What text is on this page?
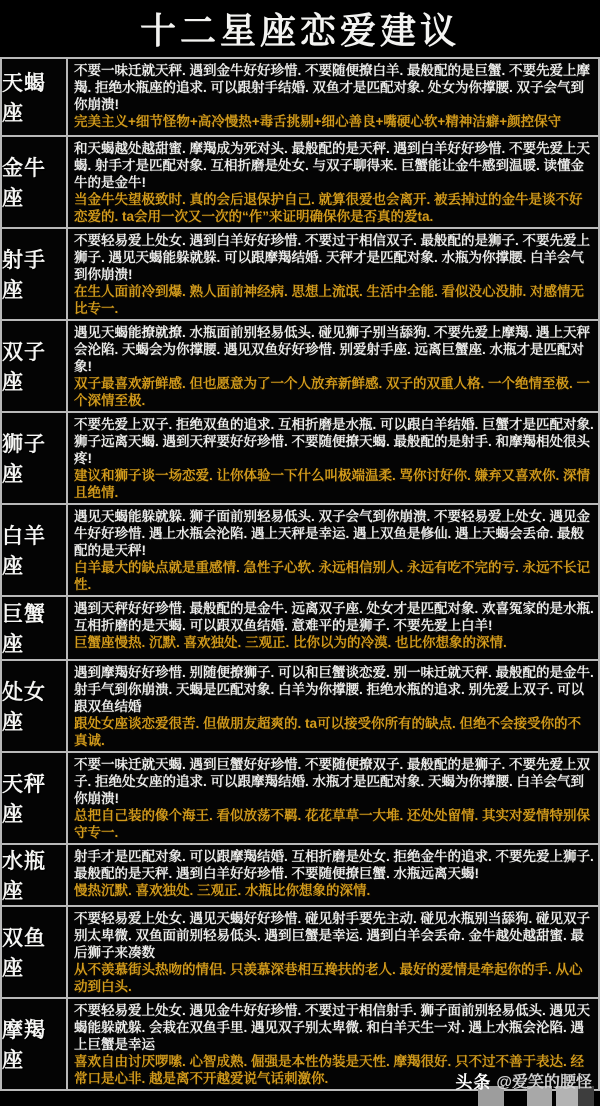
十二星座恋爱建议
天蝎座
不要一味迁就天秤. 遇到金牛好好珍惜. 不要随便撩白羊. 最般配的是巨蟹. 不要先爱上摩羯. 拒绝水瓶座的追求. 可以跟射手结婚. 双鱼才是匹配对象. 处女为你撑腰. 双子会气到你崩溃!
完美主义+细节怪物+高冷慢热+毒舌挑剔+细心善良+嘴硬心软+精神洁癖+颜控保守
金牛座
和天蝎越处越甜蜜. 摩羯成为死对头. 最般配的是天秤. 遇到白羊好好珍惜. 不要先爱上天蝎. 射手才是匹配对象. 互相折磨是处女. 与双子聊得来. 巨蟹能让金牛感到温暖. 读懂金牛的是金牛!
当金牛失望极致时. 真的会后退保护自己. 就算很爱也会离开. 被丢掉过的金牛是谈不好恋爱的. ta会用一次又一次的“作”来证明确保你是否真的爱ta.
射手座
不要轻易爱上处女. 遇到白羊好好珍惜. 不要过于相信双子. 最般配的是狮子. 不要先爱上狮子. 遇见天蝎能躲就躲. 可以跟摩羯结婚. 天秤才是匹配对象. 水瓶为你撑腰. 白羊会气到你崩溃!
在生人面前冷到爆. 熟人面前神经病. 思想上流氓. 生活中全能. 看似没心没肺. 对感情无比专一.
双子座
遇见天蝎能撩就撩. 水瓶面前别轻易低头. 碰见狮子别当舔狗. 不要先爱上摩羯. 遇上天秤会沦陷. 天蝎会为你撑腰. 遇见双鱼好好珍惜. 别爱射手座. 远离巨蟹座. 水瓶才是匹配对象!
双子最喜欢新鲜感. 但也愿意为了一个人放弃新鲜感. 双子的双重人格. 一个绝情至极. 一个深情至极.
狮子座
不要先爱上双子. 拒绝双鱼的追求. 互相折磨是水瓶. 可以跟白羊结婚. 巨蟹才是匹配对象. 狮子远离天蝎. 遇到天秤要好好珍惜. 不要随便撩天蝎. 最般配的是射手. 和摩羯相处很头疼!
建议和狮子谈一场恋爱. 让你体验一下什么叫极端温柔. 骂你讨好你. 嫌弃又喜欢你. 深情且绝情.
白羊座
遇见天蝎能躲就躲. 狮子面前别轻易低头. 双子会气到你崩溃. 不要轻易爱上处女. 遇见金牛好好珍惜. 遇上水瓶会沦陷. 遇上天秤是幸运. 遇上双鱼是修仙. 遇上天蝎会丢命. 最般配的是天秤!
白羊最大的缺点就是重感情. 急性子心软. 永远相信别人. 永远有吃不完的亏. 永远不长记性.
巨蟹座
遇到天秤好好珍惜. 最般配的是金牛. 远离双子座. 处女才是匹配对象. 欢喜冤家的是水瓶. 互相折磨的是天蝎. 可以跟双鱼结婚. 意难平的是狮子. 不要先爱上白羊!
巨蟹座慢热. 沉默. 喜欢独处. 三观正. 比你以为的冷漠. 也比你想象的深情.
处女座
遇到摩羯好好珍惜. 别随便撩狮子. 可以和巨蟹谈恋爱. 别一味迁就天秤. 最般配的是金牛. 射手气到你崩溃. 天蝎是匹配对象. 白羊为你撑腰. 拒绝水瓶的追求. 别先爱上双子. 可以跟双鱼结婚
跟处女座谈恋爱很苦. 但做朋友超爽的. ta可以接受你所有的缺点. 但绝不会接受你的不真诚.
天秤座
不要一味迁就天蝎. 遇到巨蟹好好珍惜. 不要随便撩双子. 最般配的是狮子. 不要先爱上双子. 拒绝处女座的追求. 可以跟摩羯结婚. 水瓶才是匹配对象. 天蝎为你撑腰. 白羊会气到你崩溃!
总把自己装的像个海王. 看似放荡不羁. 花花草草一大堆. 还处处留情. 其实对爱情特别保守专一.
水瓶座
射手才是匹配对象. 可以跟摩羯结婚. 互相折磨是处女. 拒绝金牛的追求. 不要先爱上狮子. 最般配的是天秤. 遇到白羊好好珍惜. 不要随便撩巨蟹. 水瓶远离天蝎!
慢热沉默. 喜欢独处. 三观正. 水瓶比你想象的深情.
双鱼座
不要轻易爱上处女. 遇见天蝎好好珍惜. 碰见射手要先主动. 碰见水瓶别当舔狗. 碰见双子别太卑微. 双鱼面前别轻易低头. 遇到巨蟹是幸运. 遇到白羊会丢命. 金牛越处越甜蜜. 最后狮子来凑数
从不羡慕街头热吻的情侣. 只羡慕深巷相互搀扶的老人. 最好的爱情是牵起你的手. 从心动到白头.
摩羯座
不要轻易爱上处女. 遇见金牛好好珍惜. 不要过于相信射手. 狮子面前别轻易低头. 遇见天蝎能躲就躲. 会栽在双鱼手里. 遇见双子别太卑微. 和白羊天生一对. 遇上水瓶会沦陷. 遇上巨蟹是幸运
喜欢自由讨厌啰嗦. 心智成熟. 倔强是本性伪装是天性. 摩羯很好. 只不过不善于表达. 经常口是心非. 越是离不开越爱说气话刺激你.	头条 @爱笑的腰怪
